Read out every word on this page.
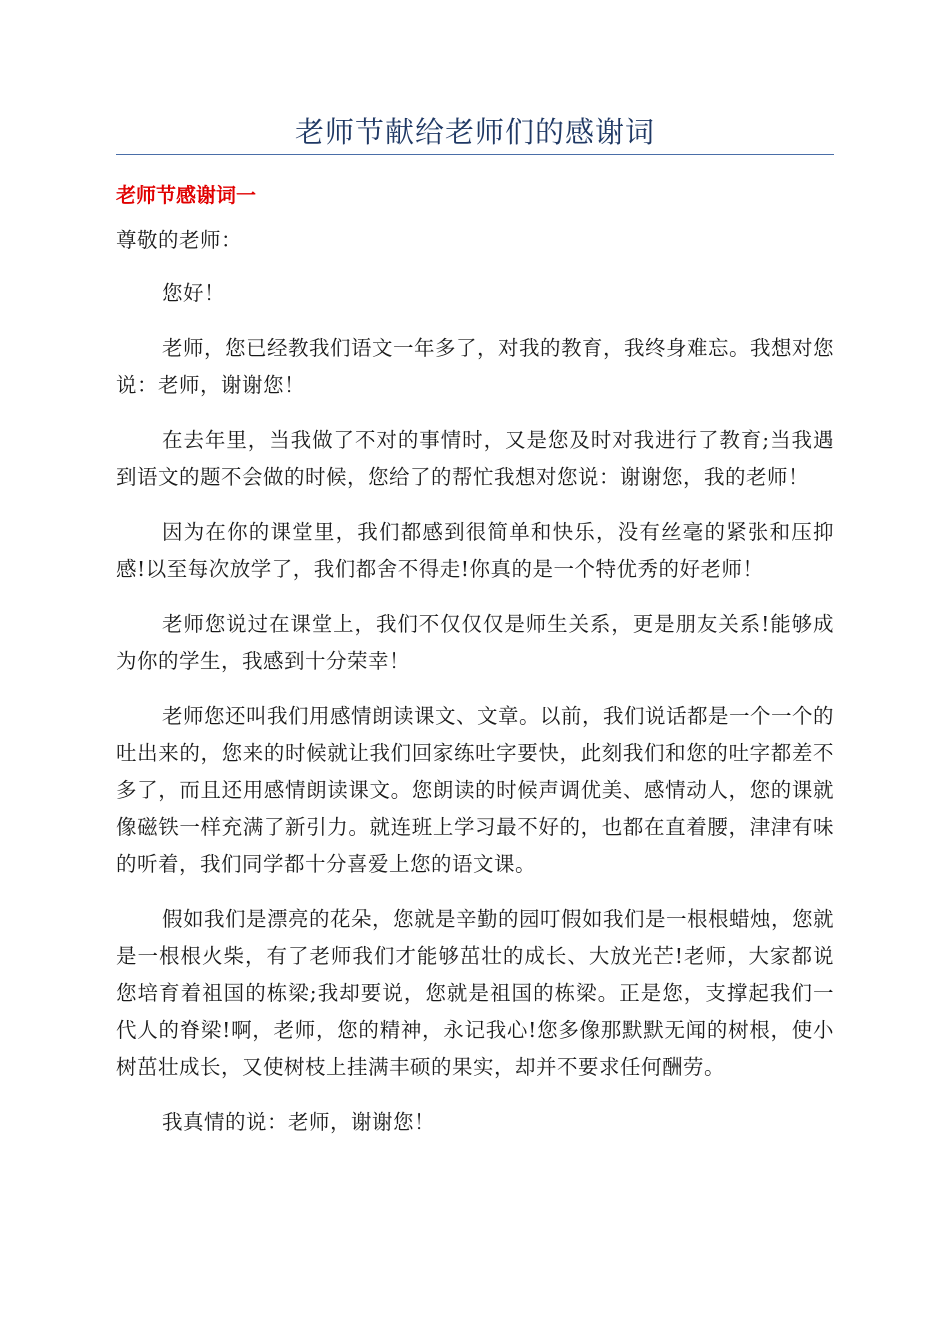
老师节献给老师们的感谢词
老师节感谢词一

尊敬的老师：

您好！

老师，您已经教我们语文一年多了，对我的教育，我终身难忘。我想对您说：老师，谢谢您！

在去年里，当我做了不对的事情时，又是您及时对我进行了教育;当我遇到语文的题不会做的时候，您给了的帮忙我想对您说：谢谢您，我的老师！

因为在你的课堂里，我们都感到很简单和快乐，没有丝毫的紧张和压抑感!以至每次放学了，我们都舍不得走!你真的是一个特优秀的好老师！

老师您说过在课堂上，我们不仅仅仅是师生关系，更是朋友关系!能够成为你的学生，我感到十分荣幸！

老师您还叫我们用感情朗读课文、文章。以前，我们说话都是一个一个的吐出来的，您来的时候就让我们回家练吐字要快，此刻我们和您的吐字都差不多了，而且还用感情朗读课文。您朗读的时候声调优美、感情动人，您的课就像磁铁一样充满了新引力。就连班上学习最不好的，也都在直着腰，津津有味的听着，我们同学都十分喜爱上您的语文课。

假如我们是漂亮的花朵，您就是辛勤的园叮假如我们是一根根蜡烛，您就是一根根火柴，有了老师我们才能够茁壮的成长、大放光芒!老师，大家都说您培育着祖国的栋梁;我却要说，您就是祖国的栋梁。正是您，支撑起我们一代人的脊梁!啊，老师，您的精神，永记我心!您多像那默默无闻的树根，使小树茁壮成长，又使树枝上挂满丰硕的果实，却并不要求任何酬劳。

我真情的说：老师，谢谢您！
